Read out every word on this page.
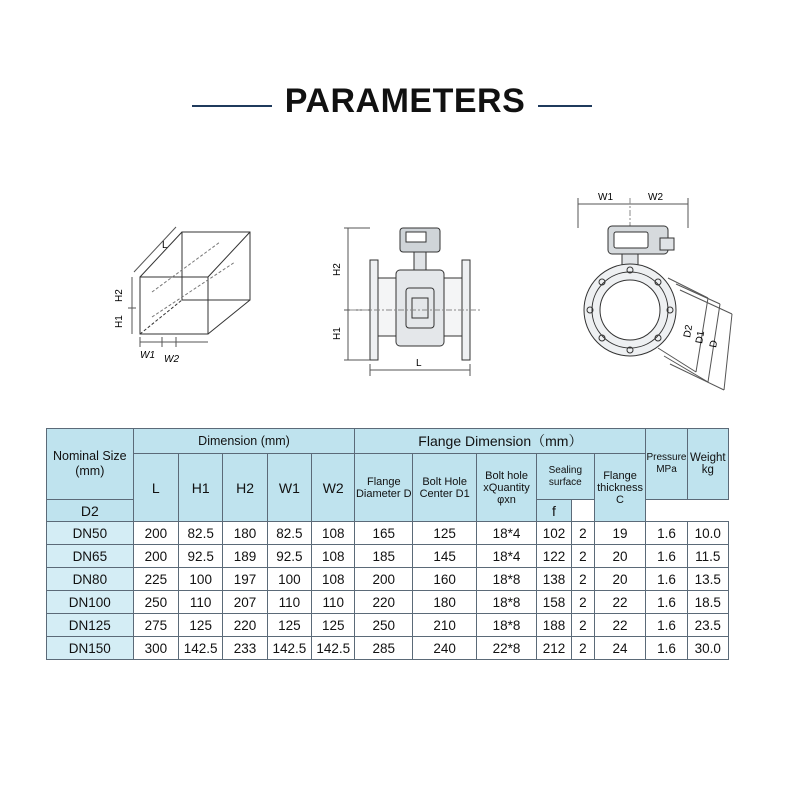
PARAMETERS
L
H2
H1
W1 W2
H2
H1
L
W1	W2
D2
D1 D
Nominal Size (mm)	Dimension (mm)					Flange Dimension（mm）						Pressure MPa	Weight kg
	L	H1	H2	W1	W2	Flange Diameter D	Bolt Hole Center D1	Bolt hole xQuantity φxn	Sealing surface		Flange thickness C		
D2									f				
DN50	200	82.5	180	82.5	108	165	125	18*4	102	2	19	1.6	10.0
DN65	200	92.5	189	92.5	108	185	145	18*4	122	2	20	1.6	11.5
DN80	225	100	197	100	108	200	160	18*8	138	2	20	1.6	13.5
DN100	250	110	207	110	110	220	180	18*8	158	2	22	1.6	18.5
DN125	275	125	220	125	125	250	210	18*8	188	2	22	1.6	23.5
DN150	300	142.5	233	142.5	142.5	285	240	22*8	212	2	24	1.6	30.0
